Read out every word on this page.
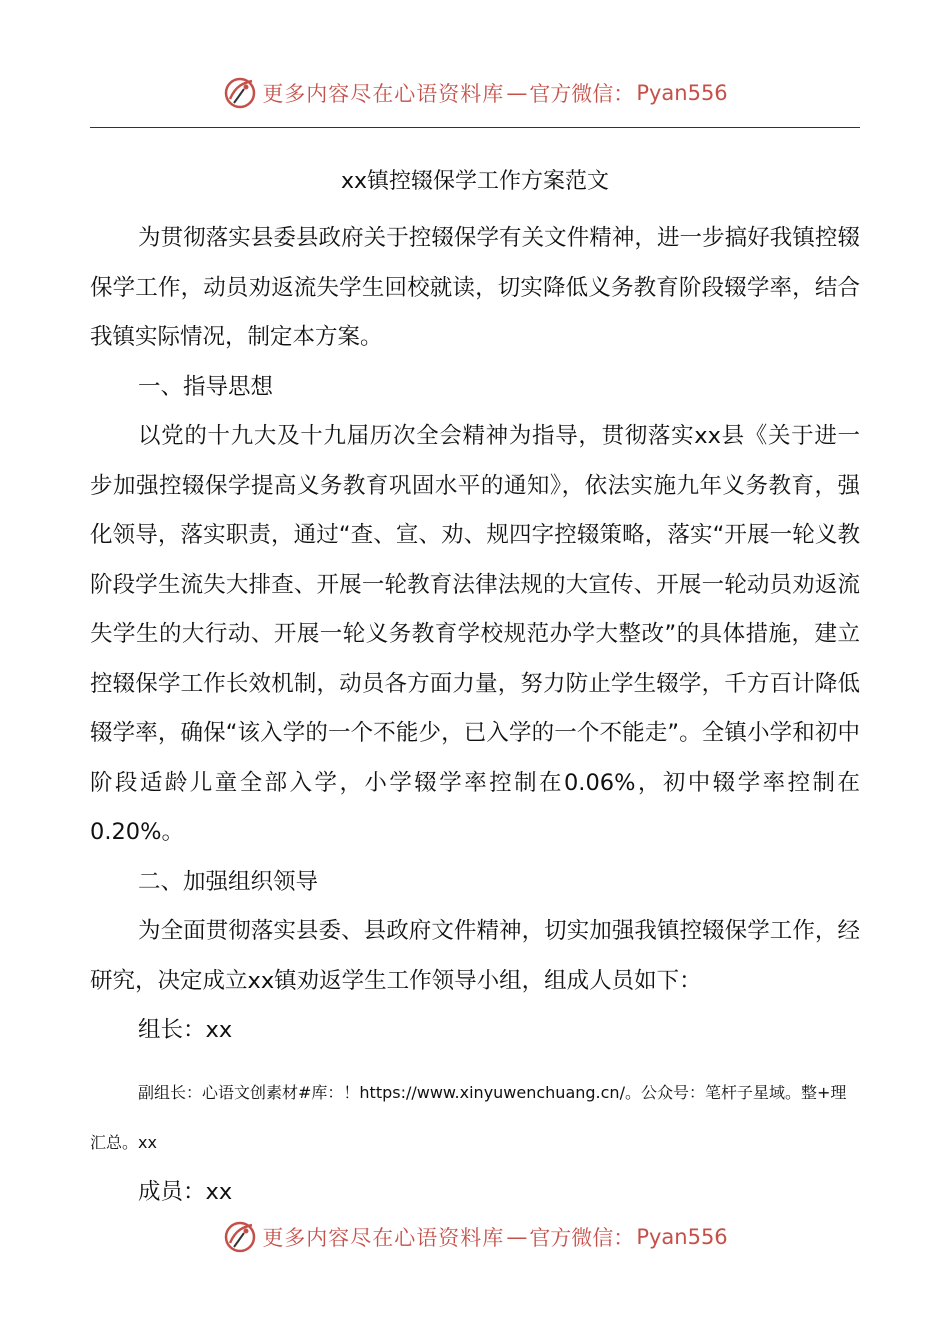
更多内容尽在心语资料库 — 官方微信： Pyan556
xx镇控辍保学工作方案范文

为贯彻落实县委县政府关于控辍保学有关文件精神，进一步搞好我镇控辍保学工作，动员劝返流失学生回校就读，切实降低义务教育阶段辍学率，结合我镇实际情况，制定本方案。

一、指导思想

以党的十九大及十九届历次全会精神为指导，贯彻落实xx县《关于进一步加强控辍保学提高义务教育巩固水平的通知》，依法实施九年义务教育，强化领导，落实职责，通过“查、宣、劝、规四字控辍策略，落实“开展一轮义教阶段学生流失大排查、开展一轮教育法律法规的大宣传、开展一轮动员劝返流失学生的大行动、开展一轮义务教育学校规范办学大整改”的具体措施，建立控辍保学工作长效机制，动员各方面力量，努力防止学生辍学，千方百计降低辍学率，确保“该入学的一个不能少，已入学的一个不能走”。全镇小学和初中阶段适龄儿童全部入学，小学辍学率控制在0.06%，初中辍学率控制在0.20%。

二、加强组织领导

为全面贯彻落实县委、县政府文件精神，切实加强我镇控辍保学工作，经研究，决定成立xx镇劝返学生工作领导小组，组成人员如下：

组长：xx

副组长：心语文创素材#库：！https://www.xinyuwenchuang.cn/。公众号：笔杆子星域。整+理汇总。xx

成员：xx

更多内容尽在心语资料库 — 官方微信： Pyan556
